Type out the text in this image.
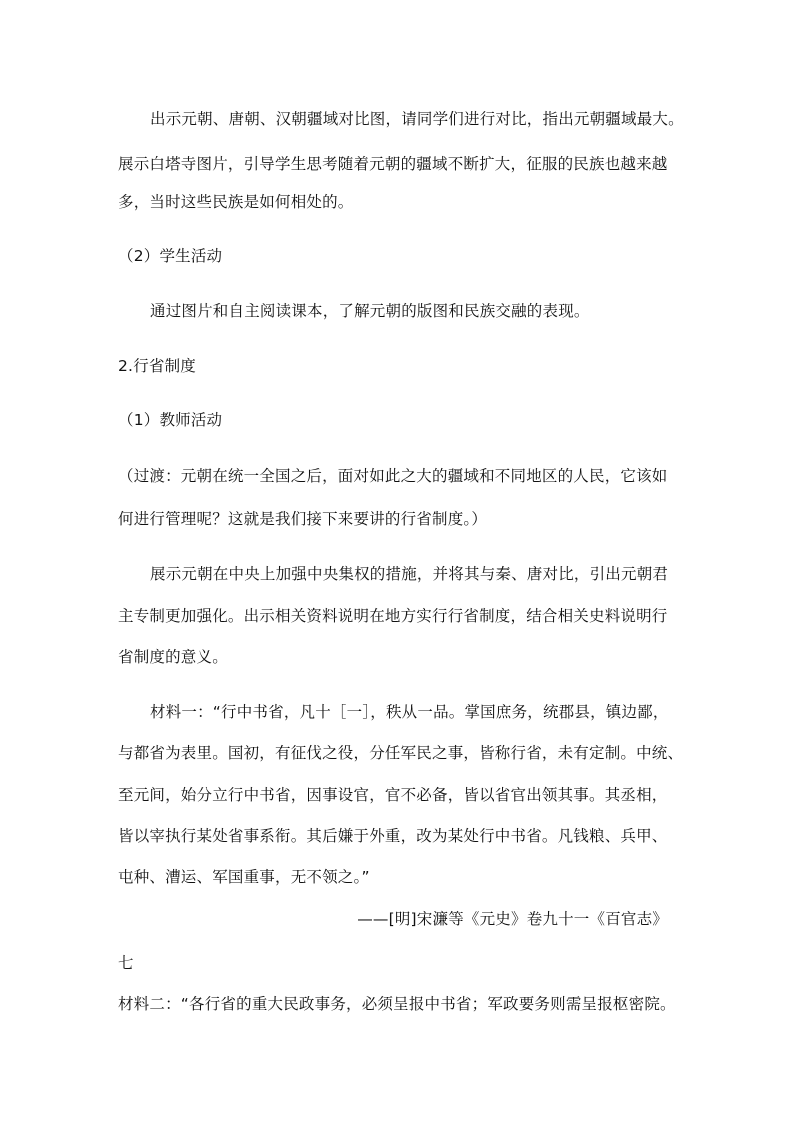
出示元朝、唐朝、汉朝疆域对比图，请同学们进行对比，指出元朝疆域最大。
展示白塔寺图片，引导学生思考随着元朝的疆域不断扩大，征服的民族也越来越
多，当时这些民族是如何相处的。
（2）学生活动
通过图片和自主阅读课本，了解元朝的版图和民族交融的表现。
2.行省制度
（1）教师活动
（过渡：元朝在统一全国之后，面对如此之大的疆域和不同地区的人民，它该如
何进行管理呢？这就是我们接下来要讲的行省制度。）
展示元朝在中央上加强中央集权的措施，并将其与秦、唐对比，引出元朝君
主专制更加强化。出示相关资料说明在地方实行行省制度，结合相关史料说明行
省制度的意义。
材料一：“行中书省，凡十［一］，秩从一品。掌国庶务，统郡县，镇边鄙，
与都省为表里。国初，有征伐之役，分任军民之事，皆称行省，未有定制。中统、
至元间，始分立行中书省，因事设官，官不必备，皆以省官出领其事。其丞相，
皆以宰执行某处省事系衔。其后嫌于外重，改为某处行中书省。凡钱粮、兵甲、
屯种、漕运、军国重事，无不领之。”
——[明]宋濂等《元史》卷九十一《百官志》
七
材料二：“各行省的重大民政事务，必须呈报中书省；军政要务则需呈报枢密院。
